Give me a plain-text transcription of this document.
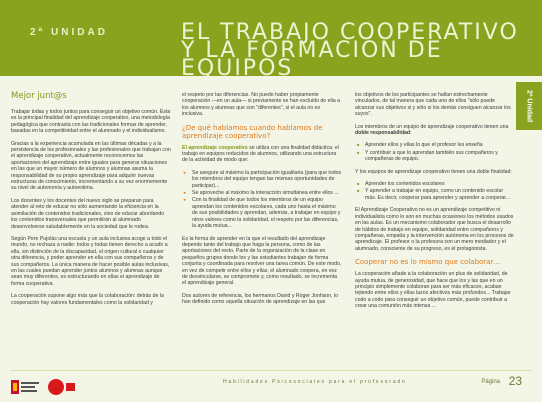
2ª UNIDAD	EL TRABAJO COOPERATIVO
Y LA FORMACIÓN DE EQUIPOS
2ª Unidad
Mejor junt@s

Trabajar todas y todos juntos para conseguir un objetivo común. Ésta es la principal finalidad del aprendizaje cooperativo, una metodología pedagógica que contrasta con las tradicionales formas de aprender, basadas en la competitividad entre el alumnado y el individualismo.

Gracias a la experiencia acumulada en las últimas décadas y a la persistencia de los profesionales y las profesionales que trabajan con el aprendizaje cooperativo, actualmente reconocemos las aportaciones del aprendizaje entre iguales para generar situaciones en las que un mayor número de alumnos y alumnas asuma la responsabilidad de su propio aprendizaje para adquirir nuevas estructuras de conocimiento, incrementando a su vez enormemente su nivel de autonomía y autoestima.

Los docentes y los docentes del nuevo siglo se preparan para atender al reto de educar no sólo aumentando la eficiencia en la asimilación de contenidos tradicionales, sino de educar abordando los contenidos transversales que permitirán al alumnado desenvolverse saludablemente en la sociedad que le rodea.

Según Pere Pujolàs una escuela y un aula inclusiva acoge a todo el mundo, no rechaza a nadie: todos y todas tienen derecho a acudir a ella, sin distinción de la discapacidad, el origen cultural o cualquier otra diferencia, y poder aprender en ella con sus compañeros y de sus compañeros. La única manera de hacer posible aulas inclusivas, en las cuales puedan aprender juntos alumnos y alumnas aunque sean muy diferentes, es estructurando en ellas el aprendizaje de forma cooperativa.

La cooperación supone algo más que la colaboración: detrás de la cooperación hay valores fundamentales como la solidaridad y

el respeto por las diferencias. No puede haber propiamente cooperación —en un aula— si previamente se han excluido de ella a los alumnos y alumnas que son "diferentes", si el aula no es inclusiva.

¿De qué hablamos cuando hablamos de aprendizaje cooperativo?

El aprendizaje cooperativo se utiliza con una finalidad didáctica: el trabajo en equipos reducidos de alumnos, utilizando una estructura de la actividad de modo que:

► Se asegure al máximo la participación igualitaria (para que todos los miembros del equipo tengan las mismas oportunidades de participar)...
► Se aproveche al máximo la interacción simultánea entre ellos ...
► Con la finalidad de que todos los miembros de un equipo aprendan los contenidos escolares, cada uno hasta el máximo de sus posibilidades y aprendan, además, a trabajar en equipo y otros valores como la solidaridad, el respeto por las diferencias, la ayuda mutua...

Es la forma de aprender en la que el resultado del aprendizaje depende tanto del trabajo que haga la persona, como de las aportaciones del resto. Parte de la organización de la clase en pequeños grupos donde los y las estudiantes trabajan de forma conjunta y coordinada para resolver una tarea común. De este modo, en vez de competir entre ellos y ellas, el alumnado coopera, en vez de desvincularse, se compromete y, como resultado, se incrementa el aprendizaje general.

Dos autores de referencia, los hermanos David y Roger Jonhson, lo han definido como aquella situación de aprendizaje en las que

los objetivos de los participantes se hallan estrechamente vinculados, de tal manera que cada uno de ellos "sólo puede alcanzar sus objetivos si y sólo si los demás consiguen alcanzar los suyos".

Los miembros de un equipo de aprendizaje cooperativo tienen una doble responsabilidad:

■ Aprender ellos y ellas lo que el profesor les enseña
■ Y contribuir a que lo aprendan también sus compañeros y compañeras de equipo.

Y los equipos de aprendizaje cooperativo tienen una doble finalidad:

■ Aprender los contenidos escolares
■ Y aprender a trabajar en equipo, como un contenido escolar más. Es decir, cooperar para aprender y aprender a cooperar...

El Aprendizaje Cooperativo no es un aprendizaje competitivo ni individualista como lo son en muchas ocasiones los métodos usados en las aulas. Es un mecanismo colaborador que busca el desarrollo de hábitos de trabajo en equipo, solidaridad entre compañeros y compañeras, empatía y la intervención autónoma en los procesos de aprendizaje. El profesor o la profesora son un mero mediador y el alumnado, consciente de su progreso, es el protagonista.

Cooperar no es lo mismo que colaborar…

La cooperación añade a la colaboración un plus de solidaridad, de ayuda mutua, de generosidad, que hace que los y las que en un principio simplemente colaboran para ser más eficaces, acaban tejiendo entre ellos y ellas lazos afectivos más profundos... Trabajar codo a codo para conseguir un objetivo común, puede contribuir a crear una comunión más intensa ...

Habilidades Psicosociales para el profesorado	Página 23
